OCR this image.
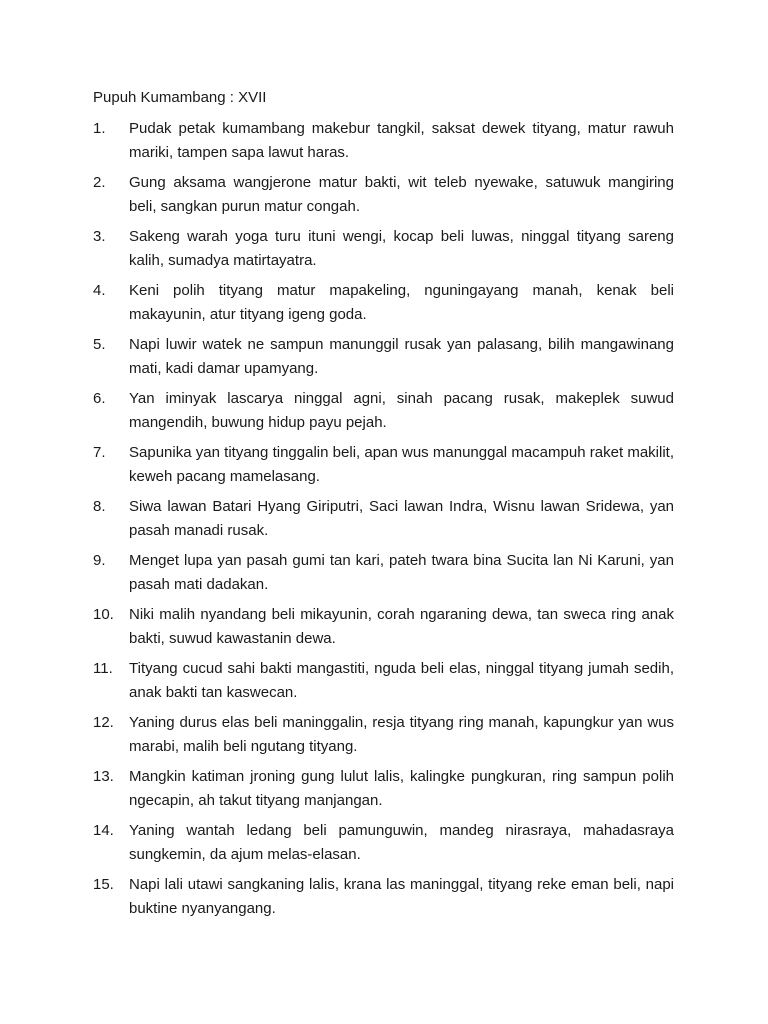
Pupuh Kumambang : XVII
1.	Pudak petak kumambang makebur tangkil, saksat dewek tityang, matur rawuh mariki, tampen sapa lawut haras.
2.	Gung aksama wangjerone matur bakti, wit teleb nyewake, satuwuk mangiring beli, sangkan purun matur congah.
3.	Sakeng warah yoga turu ituni wengi, kocap beli luwas, ninggal tityang sareng kalih, sumadya matirtayatra.
4.	Keni polih tityang matur mapakeling, nguningayang manah, kenak beli makayunin, atur tityang igeng goda.
5.	Napi luwir watek ne sampun manunggil rusak yan palasang, bilih mangawinang mati, kadi damar upamyang.
6.	Yan iminyak lascarya ninggal agni, sinah pacang rusak, makeplek suwud mangendih, buwung hidup payu pejah.
7.	Sapunika yan tityang tinggalin beli, apan wus manunggal macampuh raket makilit, keweh pacang mamelasang.
8.	Siwa lawan Batari Hyang Giriputri, Saci lawan Indra, Wisnu lawan Sridewa, yan pasah manadi rusak.
9.	Menget lupa yan pasah gumi tan kari, pateh twara bina Sucita lan Ni Karuni, yan pasah mati dadakan.
10.	Niki malih nyandang beli mikayunin, corah ngaraning dewa, tan sweca ring anak bakti, suwud kawastanin dewa.
11.	Tityang cucud sahi bakti mangastiti, nguda beli elas, ninggal tityang jumah sedih, anak bakti tan kaswecan.
12.	Yaning durus elas beli maninggalin, resja tityang ring manah, kapungkur yan wus marabi, malih beli ngutang tityang.
13.	Mangkin katiman jroning gung lulut lalis, kalingke pungkuran, ring sampun polih ngecapin, ah takut tityang manjangan.
14.	Yaning wantah ledang beli pamunguwin, mandeg nirasraya, mahadasraya sungkemin, da ajum melas-elasan.
15.	Napi lali utawi sangkaning lalis, krana las maninggal, tityang reke eman beli, napi buktine nyanyangang.
